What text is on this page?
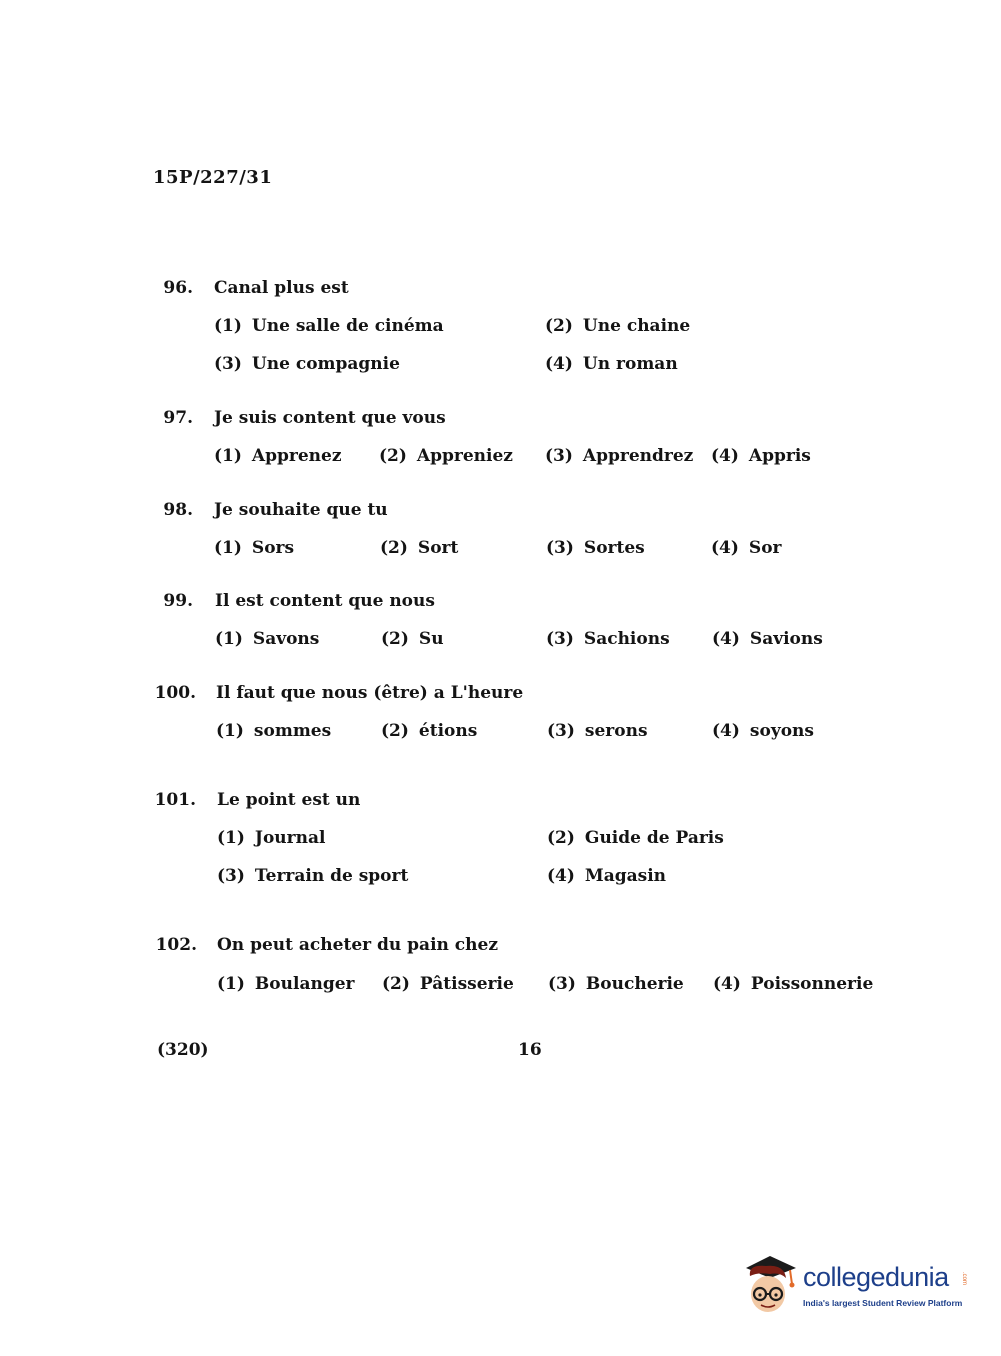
15P/227/31
96. Canal plus est
(1) Une salle de cinéma	(2) Une chaine
(3) Une compagnie	(4) Un roman
97. Je suis content que vous
(1) Apprenez (2) Appreniez (3) Apprendrez (4) Appris
98. Je souhaite que tu
(1) Sors	(2) Sort	(3) Sortes	(4) Sor
99. Il est content que nous
(1) Savons	(2) Su	(3) Sachions (4) Savions
100. Il faut que nous (être) a L'heure
(1) sommes	(2) étions	(3) serons	(4) soyons
101. Le point est un
(1) Journal	(2) Guide de Paris
(3) Terrain de sport	(4) Magasin
102. On peut acheter du pain chez
(1) Boulanger (2) Pâtisserie (3) Boucherie (4) Poissonnerie
(320)	16
collegedunia .com
India's largest Student Review Platform
